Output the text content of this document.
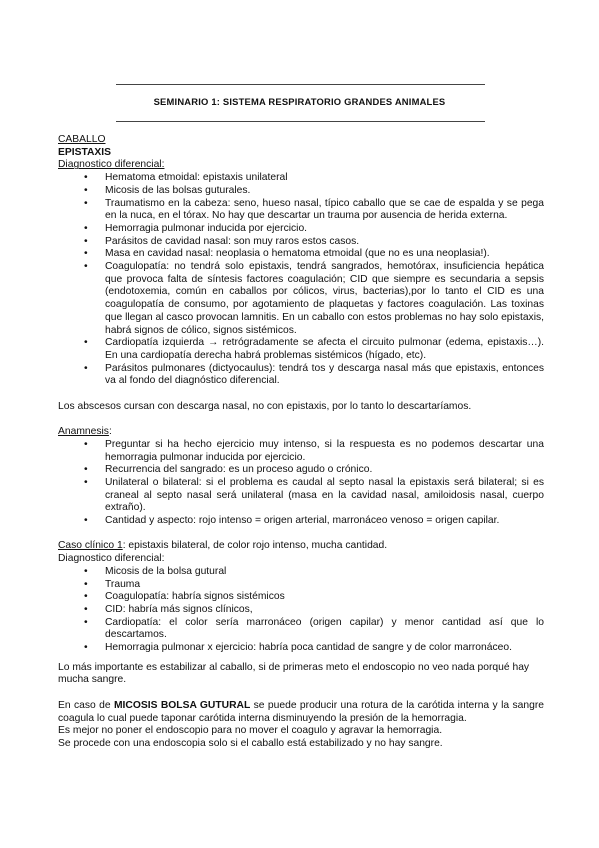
SEMINARIO 1: SISTEMA RESPIRATORIO GRANDES ANIMALES

CABALLO

EPISTAXIS

Diagnostico diferencial:

• Hematoma etmoidal: epistaxis unilateral
• Micosis de las bolsas guturales.
• Traumatismo en la cabeza: seno, hueso nasal, típico caballo que se cae de espalda y se pega en la nuca, en el tórax. No hay que descartar un trauma por ausencia de herida externa.
• Hemorragia pulmonar inducida por ejercicio.
• Parásitos de cavidad nasal: son muy raros estos casos.
• Masa en cavidad nasal: neoplasia o hematoma etmoidal (que no es una neoplasia!).
• Coagulopatía: no tendrá solo epistaxis, tendrá sangrados, hemotórax, insuficiencia hepática que provoca falta de síntesis factores coagulación; CID que siempre es secundaria a sepsis (endotoxemia, común en caballos por cólicos, virus, bacterias),por lo tanto el CID es una coagulopatía de consumo, por agotamiento de plaquetas y factores coagulación. Las toxinas que llegan al casco provocan lamnitis. En un caballo con estos problemas no hay solo epistaxis, habrá signos de cólico, signos sistémicos.
• Cardiopatía izquierda → retrógradamente se afecta el circuito pulmonar (edema, epistaxis…). En una cardiopatía derecha habrá problemas sistémicos (hígado, etc).
• Parásitos pulmonares (dictyocaulus): tendrá tos y descarga nasal más que epistaxis, entonces va al fondo del diagnóstico diferencial.

Los abscesos cursan con descarga nasal, no con epistaxis, por lo tanto lo descartaríamos.

Anamnesis:

• Preguntar si ha hecho ejercicio muy intenso, si la respuesta es no podemos descartar una hemorragia pulmonar inducida por ejercicio.
• Recurrencia del sangrado: es un proceso agudo o crónico.
• Unilateral o bilateral: si el problema es caudal al septo nasal la epistaxis será bilateral; si es craneal al septo nasal será unilateral (masa en la cavidad nasal, amiloidosis nasal, cuerpo extraño).
• Cantidad y aspecto: rojo intenso = origen arterial, marronáceo venoso = origen capilar.

Caso clínico 1: epistaxis bilateral, de color rojo intenso, mucha cantidad.

Diagnostico diferencial:

• Micosis de la bolsa gutural
• Trauma
• Coagulopatía: habría signos sistémicos
• CID: habría más signos clínicos,
• Cardiopatía: el color sería marronáceo (origen capilar) y menor cantidad así que lo descartamos.
• Hemorragia pulmonar x ejercicio: habría poca cantidad de sangre y de color marronáceo.

Lo más importante es estabilizar al caballo, si de primeras meto el endoscopio no veo nada porqué hay mucha sangre.

En caso de MICOSIS BOLSA GUTURAL se puede producir una rotura de la carótida interna y la sangre coagula lo cual puede taponar carótida interna disminuyendo la presión de la hemorragia.

Es mejor no poner el endoscopio para no mover el coagulo y agravar la hemorragia.

Se procede con una endoscopia solo si el caballo está estabilizado y no hay sangre.
